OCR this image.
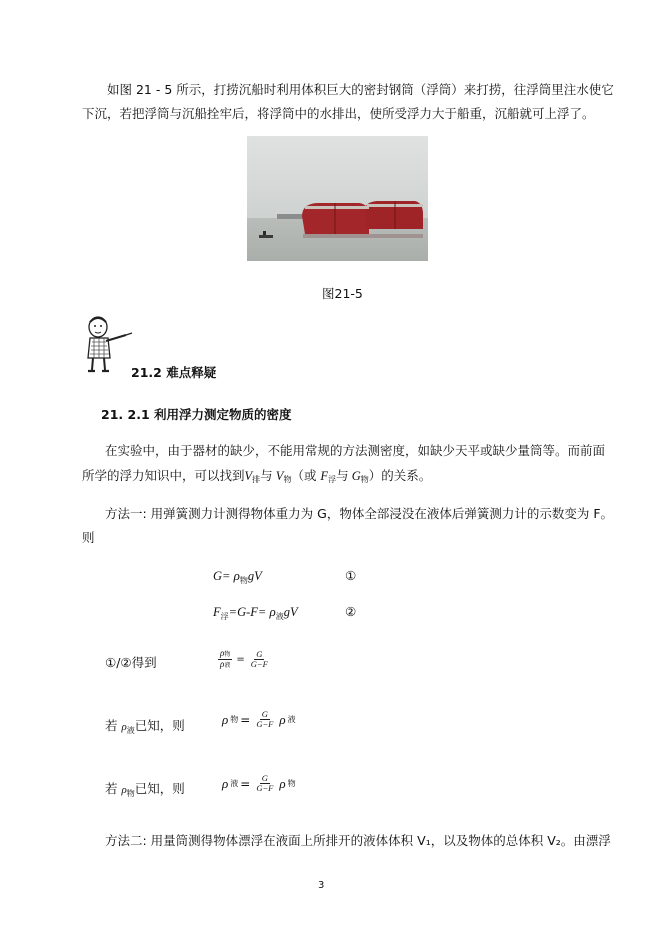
如图 21 - 5 所示，打捞沉船时利用体积巨大的密封钢筒（浮筒）来打捞，往浮筒里注水使它
下沉，若把浮筒与沉船拴牢后，将浮筒中的水排出，使所受浮力大于船重，沉船就可上浮了。
图21-5
21.2 难点释疑
21. 2.1 利用浮力测定物质的密度
在实验中，由于器材的缺少，不能用常规的方法测密度，如缺少天平或缺少量筒等。而前面
所学的浮力知识中，可以找到$V_排$与 $V_物$（或 $F_浮$与 $G_物$）的关系。
方法一: 用弹簧测力计测得物体重力为 G，物体全部浸没在液体后弹簧测力计的示数变为 F。
则
$G= \rho_物gV$	①
$F_浮=G-F= \rho_液gV$	②
①/②得到	$\frac{\text{ρ物}}{\text{ρ液}} = \frac{G}{G-F}$
若 $\rho_液$已知，则	ρ 物 = $\frac{G}{G-F}$ ρ 液
若 $\rho_物$已知，则	ρ 液 = $\frac{G}{G-F}$ ρ 物
方法二: 用量筒测得物体漂浮在液面上所排开的液体体积 V₁，以及物体的总体积 V₂。由漂浮
3
